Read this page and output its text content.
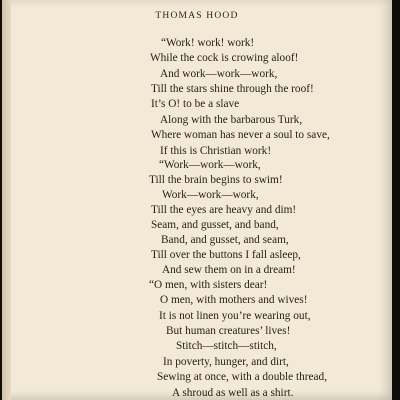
THOMAS HOOD
“Work! work! work!
While the cock is crowing aloof!
And work—work—work,
Till the stars shine through the roof!
It’s O! to be a slave
Along with the barbarous Turk,
Where woman has never a soul to save,
If this is Christian work!
“Work—work—work,
Till the brain begins to swim!
Work—work—work,
Till the eyes are heavy and dim!
Seam, and gusset, and band,
Band, and gusset, and seam,
Till over the buttons I fall asleep,
And sew them on in a dream!
“O men, with sisters dear!
O men, with mothers and wives!
It is not linen you’re wearing out,
But human creatures’ lives!
Stitch—stitch—stitch,
In poverty, hunger, and dirt,
Sewing at once, with a double thread,
A shroud as well as a shirt.
